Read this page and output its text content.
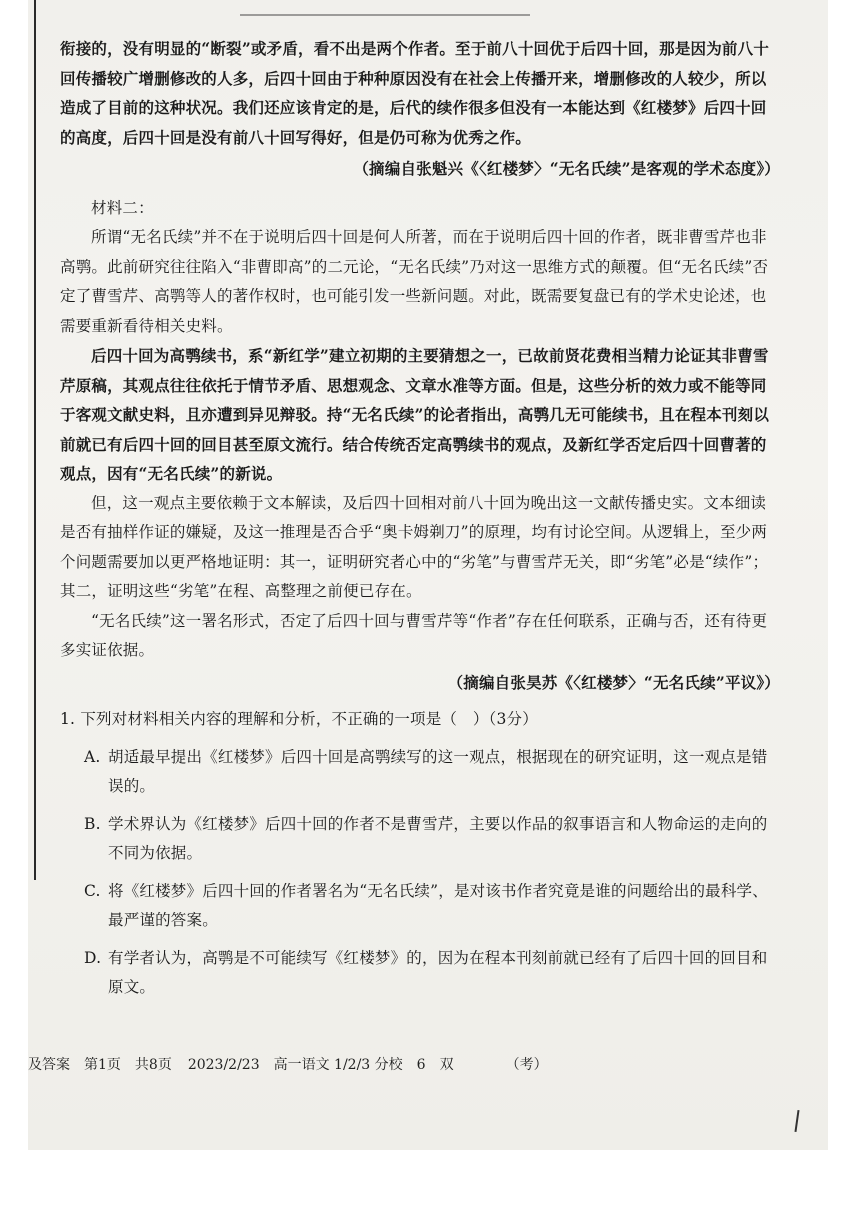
衔接的，没有明显的“断裂”或矛盾，看不出是两个作者。至于前八十回优于后四十回，那是因为前八十回传播较广增删修改的人多，后四十回由于种种原因没有在社会上传播开来，增删修改的人较少，所以造成了目前的这种状况。我们还应该肯定的是，后代的续作很多但没有一本能达到《红楼梦》后四十回的高度，后四十回是没有前八十回写得好，但是仍可称为优秀之作。

（摘编自张魁兴《〈红楼梦〉“无名氏续”是客观的学术态度》）

材料二：

所谓“无名氏续”并不在于说明后四十回是何人所著，而在于说明后四十回的作者，既非曹雪芹也非高鹗。此前研究往往陷入“非曹即高”的二元论，“无名氏续”乃对这一思维方式的颠覆。但“无名氏续”否定了曹雪芹、高鹗等人的著作权时，也可能引发一些新问题。对此，既需要复盘已有的学术史论述，也需要重新看待相关史料。

后四十回为高鹗续书，系“新红学”建立初期的主要猜想之一，已故前贤花费相当精力论证其非曹雪芹原稿，其观点往往依托于情节矛盾、思想观念、文章水准等方面。但是，这些分析的效力或不能等同于客观文献史料，且亦遭到异见辩驳。持“无名氏续”的论者指出，高鹗几无可能续书，且在程本刊刻以前就已有后四十回的回目甚至原文流行。结合传统否定高鹗续书的观点，及新红学否定后四十回曹著的观点，因有“无名氏续”的新说。

但，这一观点主要依赖于文本解读，及后四十回相对前八十回为晚出这一文献传播史实。文本细读是否有抽样作证的嫌疑，及这一推理是否合乎“奥卡姆剃刀”的原理，均有讨论空间。从逻辑上，至少两个问题需要加以更严格地证明：其一，证明研究者心中的“劣笔”与曹雪芹无关，即“劣笔”必是“续作”；其二，证明这些“劣笔”在程、高整理之前便已存在。

“无名氏续”这一署名形式，否定了后四十回与曹雪芹等“作者”存在任何联系，正确与否，还有待更多实证依据。

（摘编自张昊苏《〈红楼梦〉“无名氏续”平议》）

1. 下列对材料相关内容的理解和分析，不正确的一项是（　）（3分）

A. 胡适最早提出《红楼梦》后四十回是高鹗续写的这一观点，根据现在的研究证明，这一观点是错误的。
B. 学术界认为《红楼梦》后四十回的作者不是曹雪芹，主要以作品的叙事语言和人物命运的走向的不同为依据。
C. 将《红楼梦》后四十回的作者署名为“无名氏续”，是对该书作者究竟是谁的问题给出的最科学、最严谨的答案。
D. 有学者认为，高鹗是不可能续写《红楼梦》的，因为在程本刊刻前就已经有了后四十回的回目和原文。
及答案　第1页　共8页 2023/2/23　高一语文 1/2/3 分校　6　双	（考）
